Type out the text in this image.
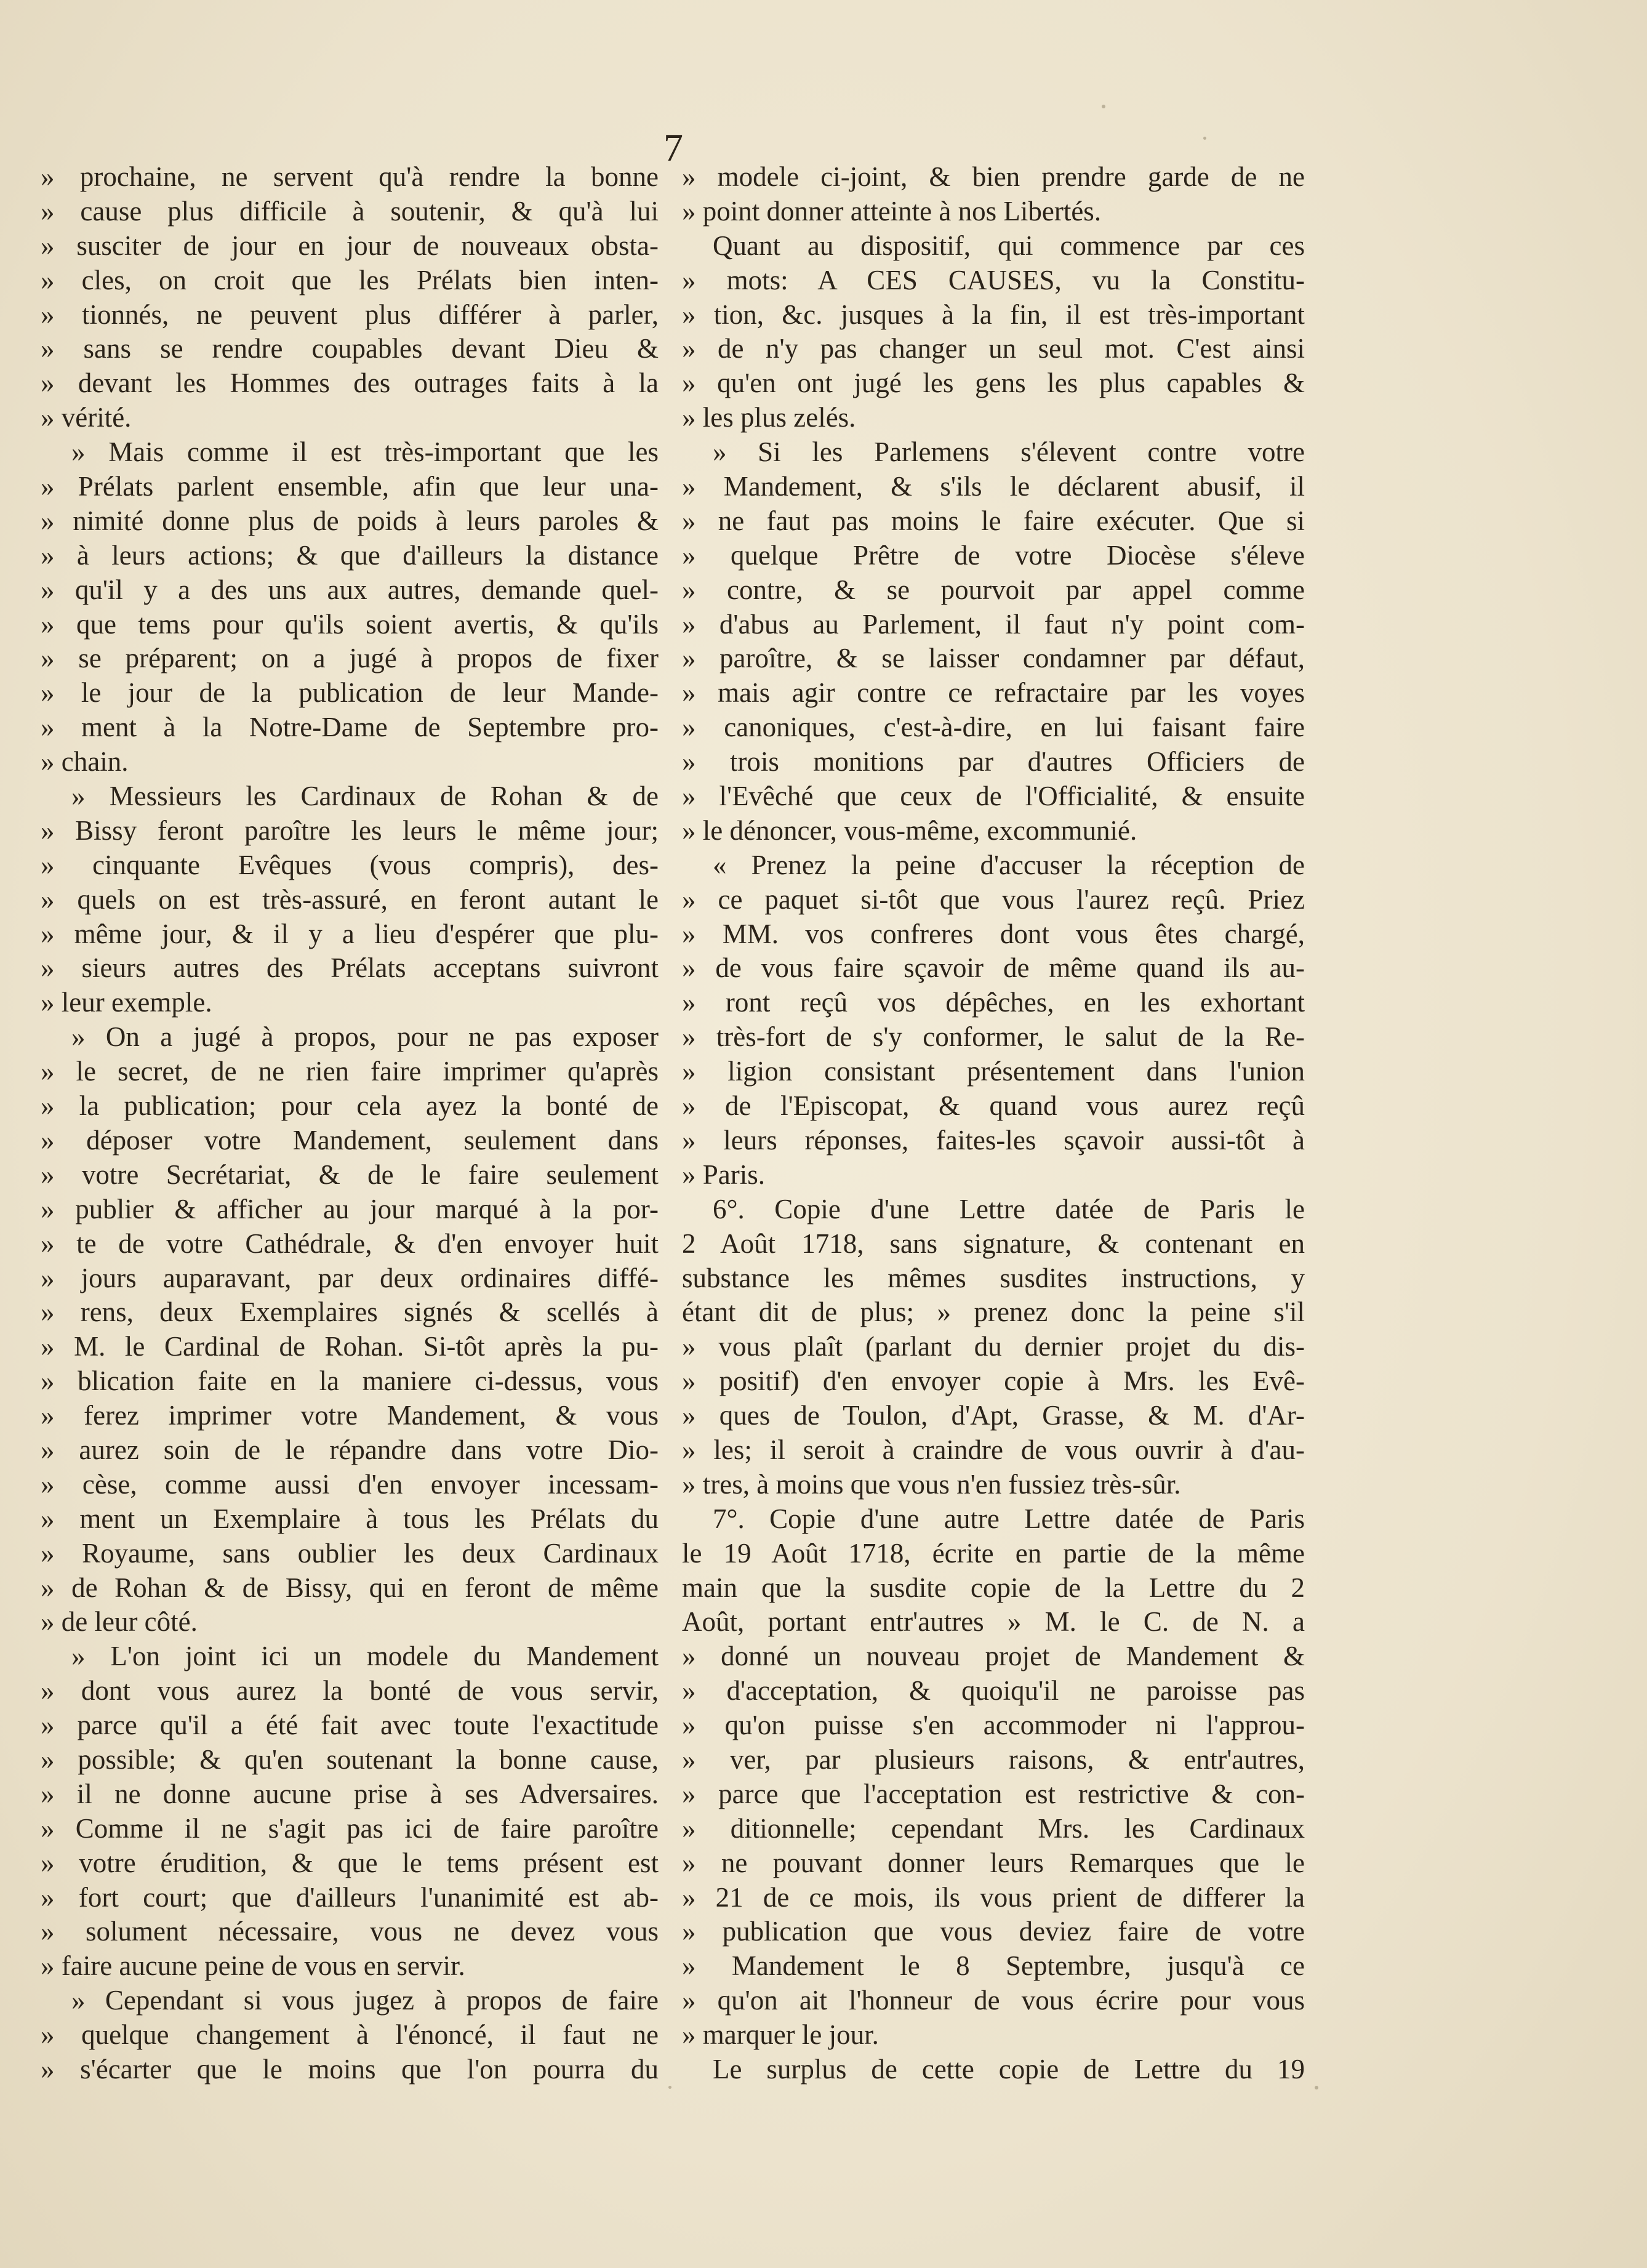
7
» prochaine, ne servent qu'à rendre la bonne
» cause plus difficile à soutenir, & qu'à lui
» susciter de jour en jour de nouveaux obsta-
» cles, on croit que les Prélats bien inten-
» tionnés, ne peuvent plus différer à parler,
» sans se rendre coupables devant Dieu &
» devant les Hommes des outrages faits à la
» vérité.
» Mais comme il est très-important que les
» Prélats parlent ensemble, afin que leur una-
» nimité donne plus de poids à leurs paroles &
» à leurs actions; & que d'ailleurs la distance
» qu'il y a des uns aux autres, demande quel-
» que tems pour qu'ils soient avertis, & qu'ils
» se préparent; on a jugé à propos de fixer
» le jour de la publication de leur Mande-
» ment à la Notre-Dame de Septembre pro-
» chain.
» Messieurs les Cardinaux de Rohan & de
» Bissy feront paroître les leurs le même jour;
» cinquante Evêques (vous compris), des-
» quels on est très-assuré, en feront autant le
» même jour, & il y a lieu d'espérer que plu-
» sieurs autres des Prélats acceptans suivront
» leur exemple.
» On a jugé à propos, pour ne pas exposer
» le secret, de ne rien faire imprimer qu'après
» la publication; pour cela ayez la bonté de
» déposer votre Mandement, seulement dans
» votre Secrétariat, & de le faire seulement
» publier & afficher au jour marqué à la por-
» te de votre Cathédrale, & d'en envoyer huit
» jours auparavant, par deux ordinaires diffé-
» rens, deux Exemplaires signés & scellés à
» M. le Cardinal de Rohan. Si-tôt après la pu-
» blication faite en la maniere ci-dessus, vous
» ferez imprimer votre Mandement, & vous
» aurez soin de le répandre dans votre Dio-
» cèse, comme aussi d'en envoyer incessam-
» ment un Exemplaire à tous les Prélats du
» Royaume, sans oublier les deux Cardinaux
» de Rohan & de Bissy, qui en feront de même
» de leur côté.
» L'on joint ici un modele du Mandement
» dont vous aurez la bonté de vous servir,
» parce qu'il a été fait avec toute l'exactitude
» possible; & qu'en soutenant la bonne cause,
» il ne donne aucune prise à ses Adversaires.
» Comme il ne s'agit pas ici de faire paroître
» votre érudition, & que le tems présent est
» fort court; que d'ailleurs l'unanimité est ab-
» solument nécessaire, vous ne devez vous
» faire aucune peine de vous en servir.
» Cependant si vous jugez à propos de faire
» quelque changement à l'énoncé, il faut ne
» s'écarter que le moins que l'on pourra du
» modele ci-joint, & bien prendre garde de ne
» point donner atteinte à nos Libertés.
Quant au dispositif, qui commence par ces
» mots: A CES CAUSES, vu la Constitu-
» tion, &c. jusques à la fin, il est très-important
» de n'y pas changer un seul mot. C'est ainsi
» qu'en ont jugé les gens les plus capables &
» les plus zelés.
» Si les Parlemens s'élevent contre votre
» Mandement, & s'ils le déclarent abusif, il
» ne faut pas moins le faire exécuter. Que si
» quelque Prêtre de votre Diocèse s'éleve
» contre, & se pourvoit par appel comme
» d'abus au Parlement, il faut n'y point com-
» paroître, & se laisser condamner par défaut,
» mais agir contre ce refractaire par les voyes
» canoniques, c'est-à-dire, en lui faisant faire
» trois monitions par d'autres Officiers de
» l'Evêché que ceux de l'Officialité, & ensuite
» le dénoncer, vous-même, excommunié.
« Prenez la peine d'accuser la réception de
» ce paquet si-tôt que vous l'aurez reçû. Priez
» MM. vos confreres dont vous êtes chargé,
» de vous faire sçavoir de même quand ils au-
» ront reçû vos dépêches, en les exhortant
» très-fort de s'y conformer, le salut de la Re-
» ligion consistant présentement dans l'union
» de l'Episcopat, & quand vous aurez reçû
» leurs réponses, faites-les sçavoir aussi-tôt à
» Paris.
6°. Copie d'une Lettre datée de Paris le
2 Août 1718, sans signature, & contenant en
substance les mêmes susdites instructions, y
étant dit de plus; » prenez donc la peine s'il
» vous plaît (parlant du dernier projet du dis-
» positif) d'en envoyer copie à Mrs. les Evê-
» ques de Toulon, d'Apt, Grasse, & M. d'Ar-
» les; il seroit à craindre de vous ouvrir à d'au-
» tres, à moins que vous n'en fussiez très-sûr.
7°. Copie d'une autre Lettre datée de Paris
le 19 Août 1718, écrite en partie de la même
main que la susdite copie de la Lettre du 2
Août, portant entr'autres » M. le C. de N. a
» donné un nouveau projet de Mandement &
» d'acceptation, & quoiqu'il ne paroisse pas
» qu'on puisse s'en accommoder ni l'approu-
» ver, par plusieurs raisons, & entr'autres,
» parce que l'acceptation est restrictive & con-
» ditionnelle; cependant Mrs. les Cardinaux
» ne pouvant donner leurs Remarques que le
» 21 de ce mois, ils vous prient de differer la
» publication que vous deviez faire de votre
» Mandement le 8 Septembre, jusqu'à ce
» qu'on ait l'honneur de vous écrire pour vous
» marquer le jour.
Le surplus de cette copie de Lettre du 19
